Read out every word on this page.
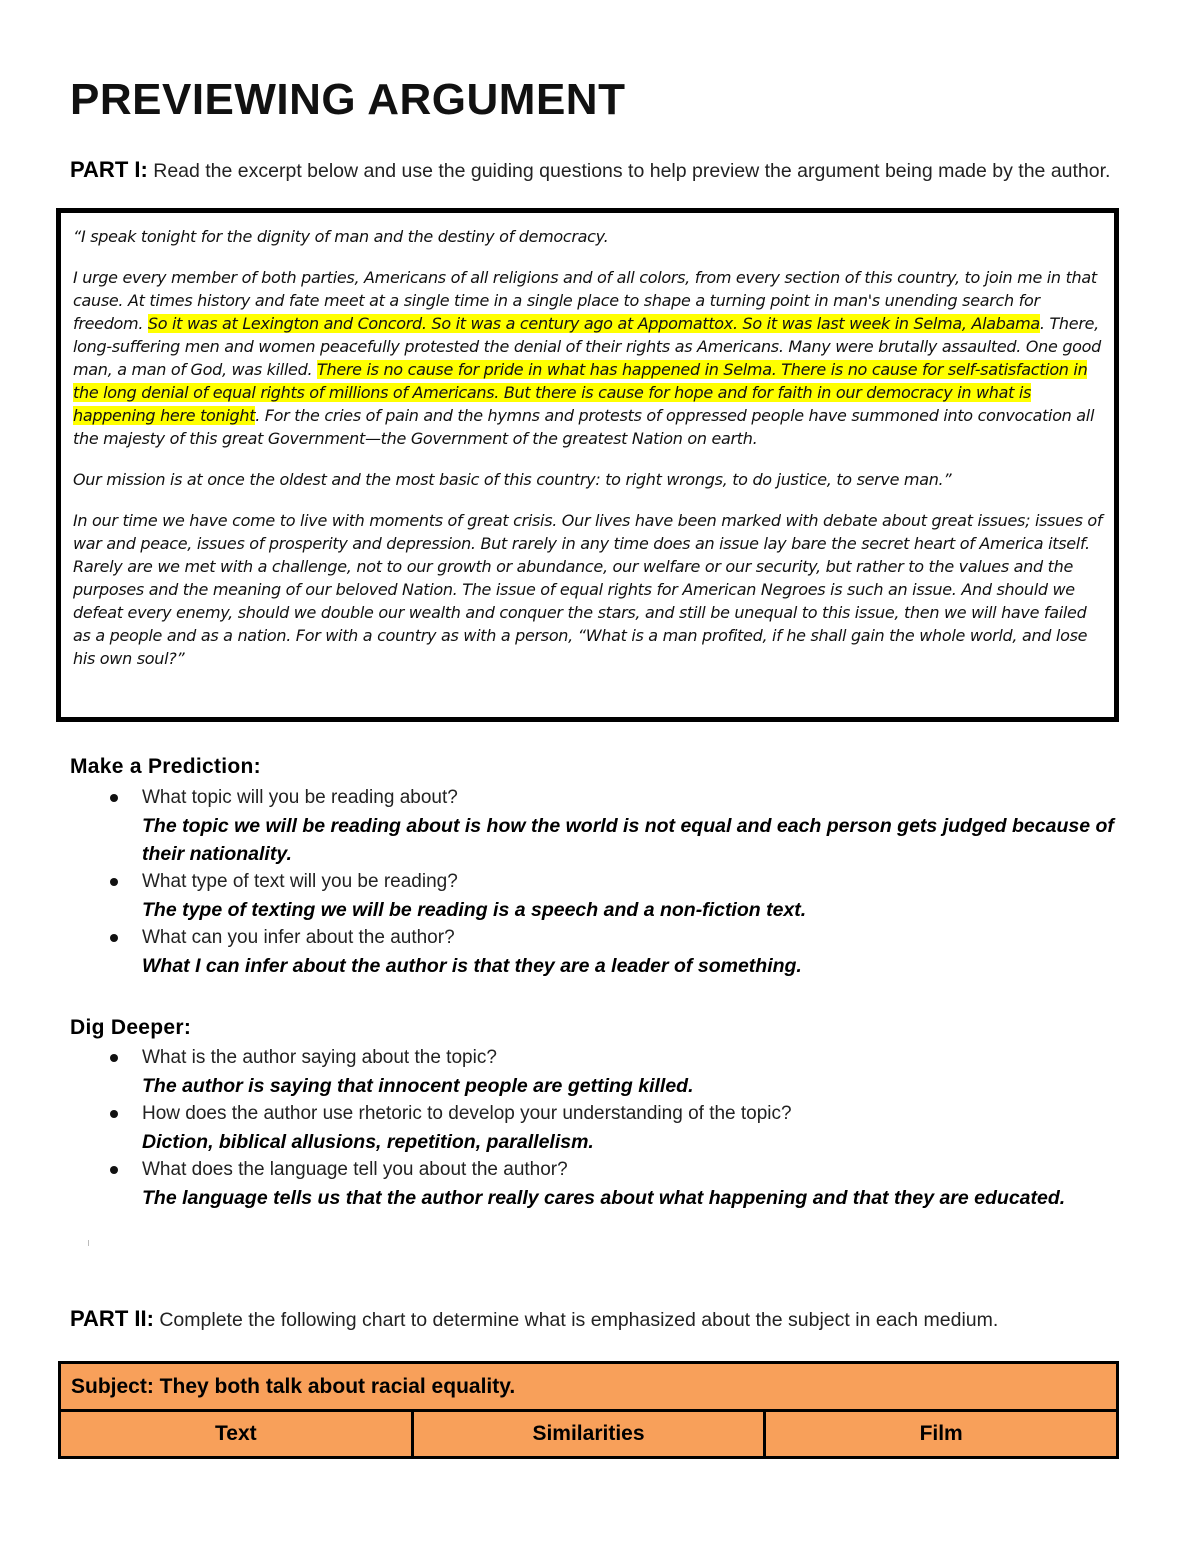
PREVIEWING ARGUMENT

PART I: Read the excerpt below and use the guiding questions to help preview the argument being made by the author.

“I speak tonight for the dignity of man and the destiny of democracy.

I urge every member of both parties, Americans of all religions and of all colors, from every section of this country, to join me in that cause. At times history and fate meet at a single time in a single place to shape a turning point in man's unending search for freedom. So it was at Lexington and Concord. So it was a century ago at Appomattox. So it was last week in Selma, Alabama. There, long-suffering men and women peacefully protested the denial of their rights as Americans. Many were brutally assaulted. One good man, a man of God, was killed. There is no cause for pride in what has happened in Selma. There is no cause for self-satisfaction in the long denial of equal rights of millions of Americans. But there is cause for hope and for faith in our democracy in what is happening here tonight. For the cries of pain and the hymns and protests of oppressed people have summoned into convocation all the majesty of this great Government—the Government of the greatest Nation on earth.

Our mission is at once the oldest and the most basic of this country: to right wrongs, to do justice, to serve man.”

In our time we have come to live with moments of great crisis. Our lives have been marked with debate about great issues; issues of war and peace, issues of prosperity and depression. But rarely in any time does an issue lay bare the secret heart of America itself. Rarely are we met with a challenge, not to our growth or abundance, our welfare or our security, but rather to the values and the purposes and the meaning of our beloved Nation. The issue of equal rights for American Negroes is such an issue. And should we defeat every enemy, should we double our wealth and conquer the stars, and still be unequal to this issue, then we will have failed as a people and as a nation. For with a country as with a person, “What is a man profited, if he shall gain the whole world, and lose his own soul?”

Make a Prediction:
What topic will you be reading about?
The topic we will be reading about is how the world is not equal and each person gets judged because of their nationality.
What type of text will you be reading?
The type of texting we will be reading is a speech and a non-fiction text.
What can you infer about the author?
What I can infer about the author is that they are a leader of something.
Dig Deeper:
What is the author saying about the topic?
The author is saying that innocent people are getting killed.
How does the author use rhetoric to develop your understanding of the topic?
Diction, biblical allusions, repetition, parallelism.
What does the language tell you about the author?
The language tells us that the author really cares about what happening and that they are educated.

PART II: Complete the following chart to determine what is emphasized about the subject in each medium.

Subject: They both talk about racial equality.
Text	Similarities	Film
